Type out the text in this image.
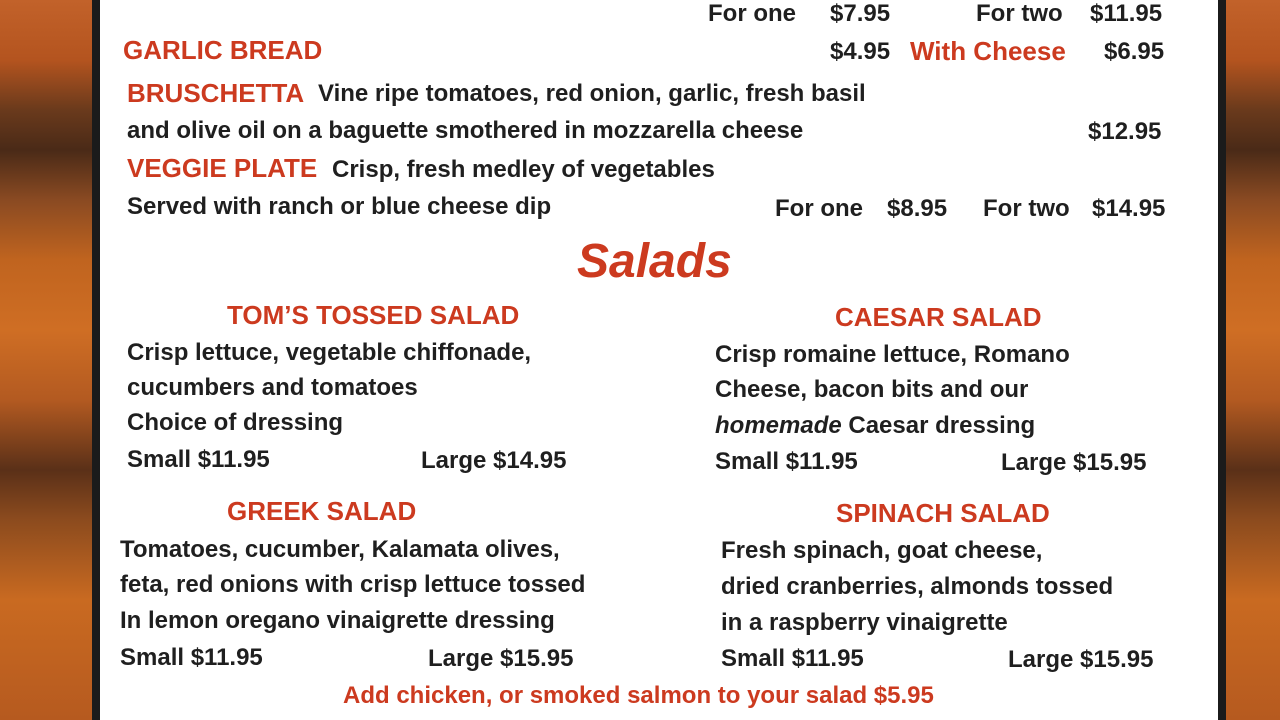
For one $7.95	For two $11.95
GARLIC BREAD	$4.95 With Cheese $6.95
BRUSCHETTA Vine ripe tomatoes, red onion, garlic, fresh basil
and olive oil on a baguette smothered in mozzarella cheese	$12.95
VEGGIE PLATE Crisp, fresh medley of vegetables
Served with ranch or blue cheese dip	For one $8.95 For two $14.95
Salads
TOM’S TOSSED SALAD
Crisp lettuce, vegetable chiffonade,
cucumbers and tomatoes
Choice of dressing
Small $11.95	Large $14.95
CAESAR SALAD
Crisp romaine lettuce, Romano
Cheese, bacon bits and our
homemade Caesar dressing
Small $11.95	Large $15.95
GREEK SALAD
Tomatoes, cucumber, Kalamata olives,
feta, red onions with crisp lettuce tossed
In lemon oregano vinaigrette dressing
Small $11.95	Large $15.95
SPINACH SALAD
Fresh spinach, goat cheese,
dried cranberries, almonds tossed
in a raspberry vinaigrette
Small $11.95	Large $15.95
Add chicken, or smoked salmon to your salad $5.95
